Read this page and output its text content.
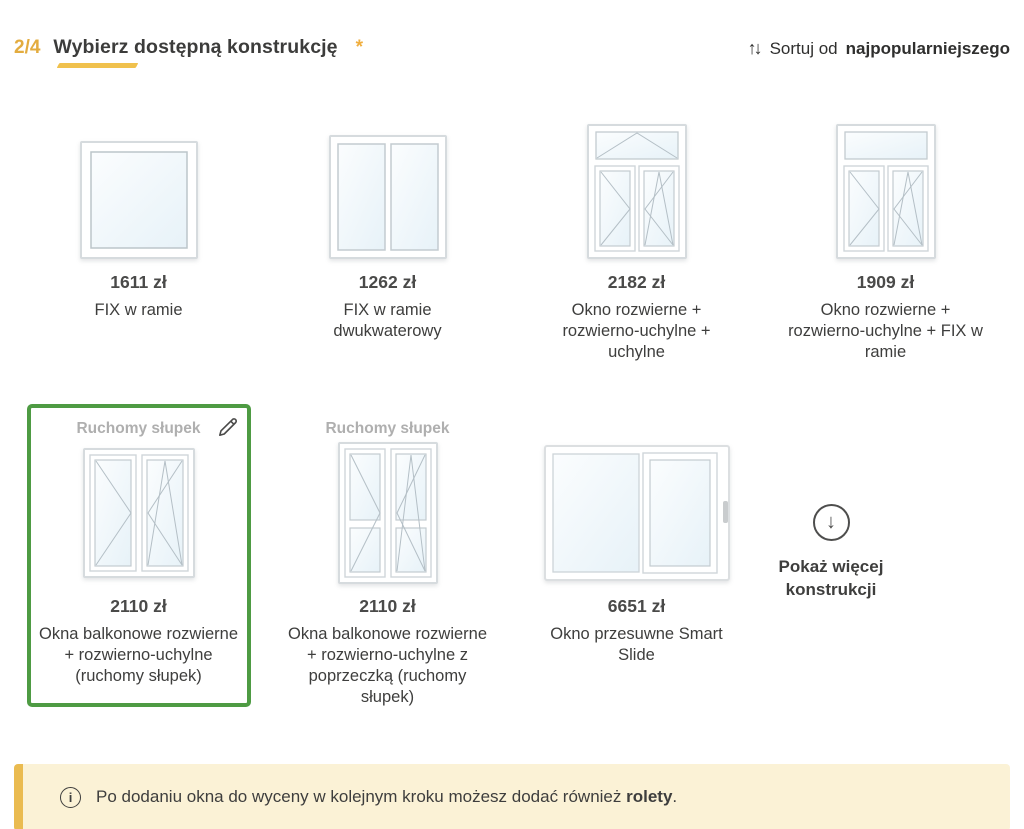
2/4 Wybierz dostępną konstrukcję *	↑↓ Sortuj od najpopularniejszego
1611 zł
FIX w ramie
1262 zł
FIX w ramie dwukwaterowy
2182 zł
Okno rozwierne + rozwierno-uchylne + uchylne
1909 zł
Okno rozwierne + rozwierno-uchylne + FIX w ramie
Ruchomy słupek
2110 zł
Okna balkonowe rozwierne + rozwierno-uchylne (ruchomy słupek)
Ruchomy słupek
2110 zł
Okna balkonowe rozwierne + rozwierno-uchylne z poprzeczką (ruchomy słupek)
6651 zł
Okno przesuwne Smart Slide
↓
Pokaż więcej konstrukcji
i Po dodaniu okna do wyceny w kolejnym kroku możesz dodać również rolety.
